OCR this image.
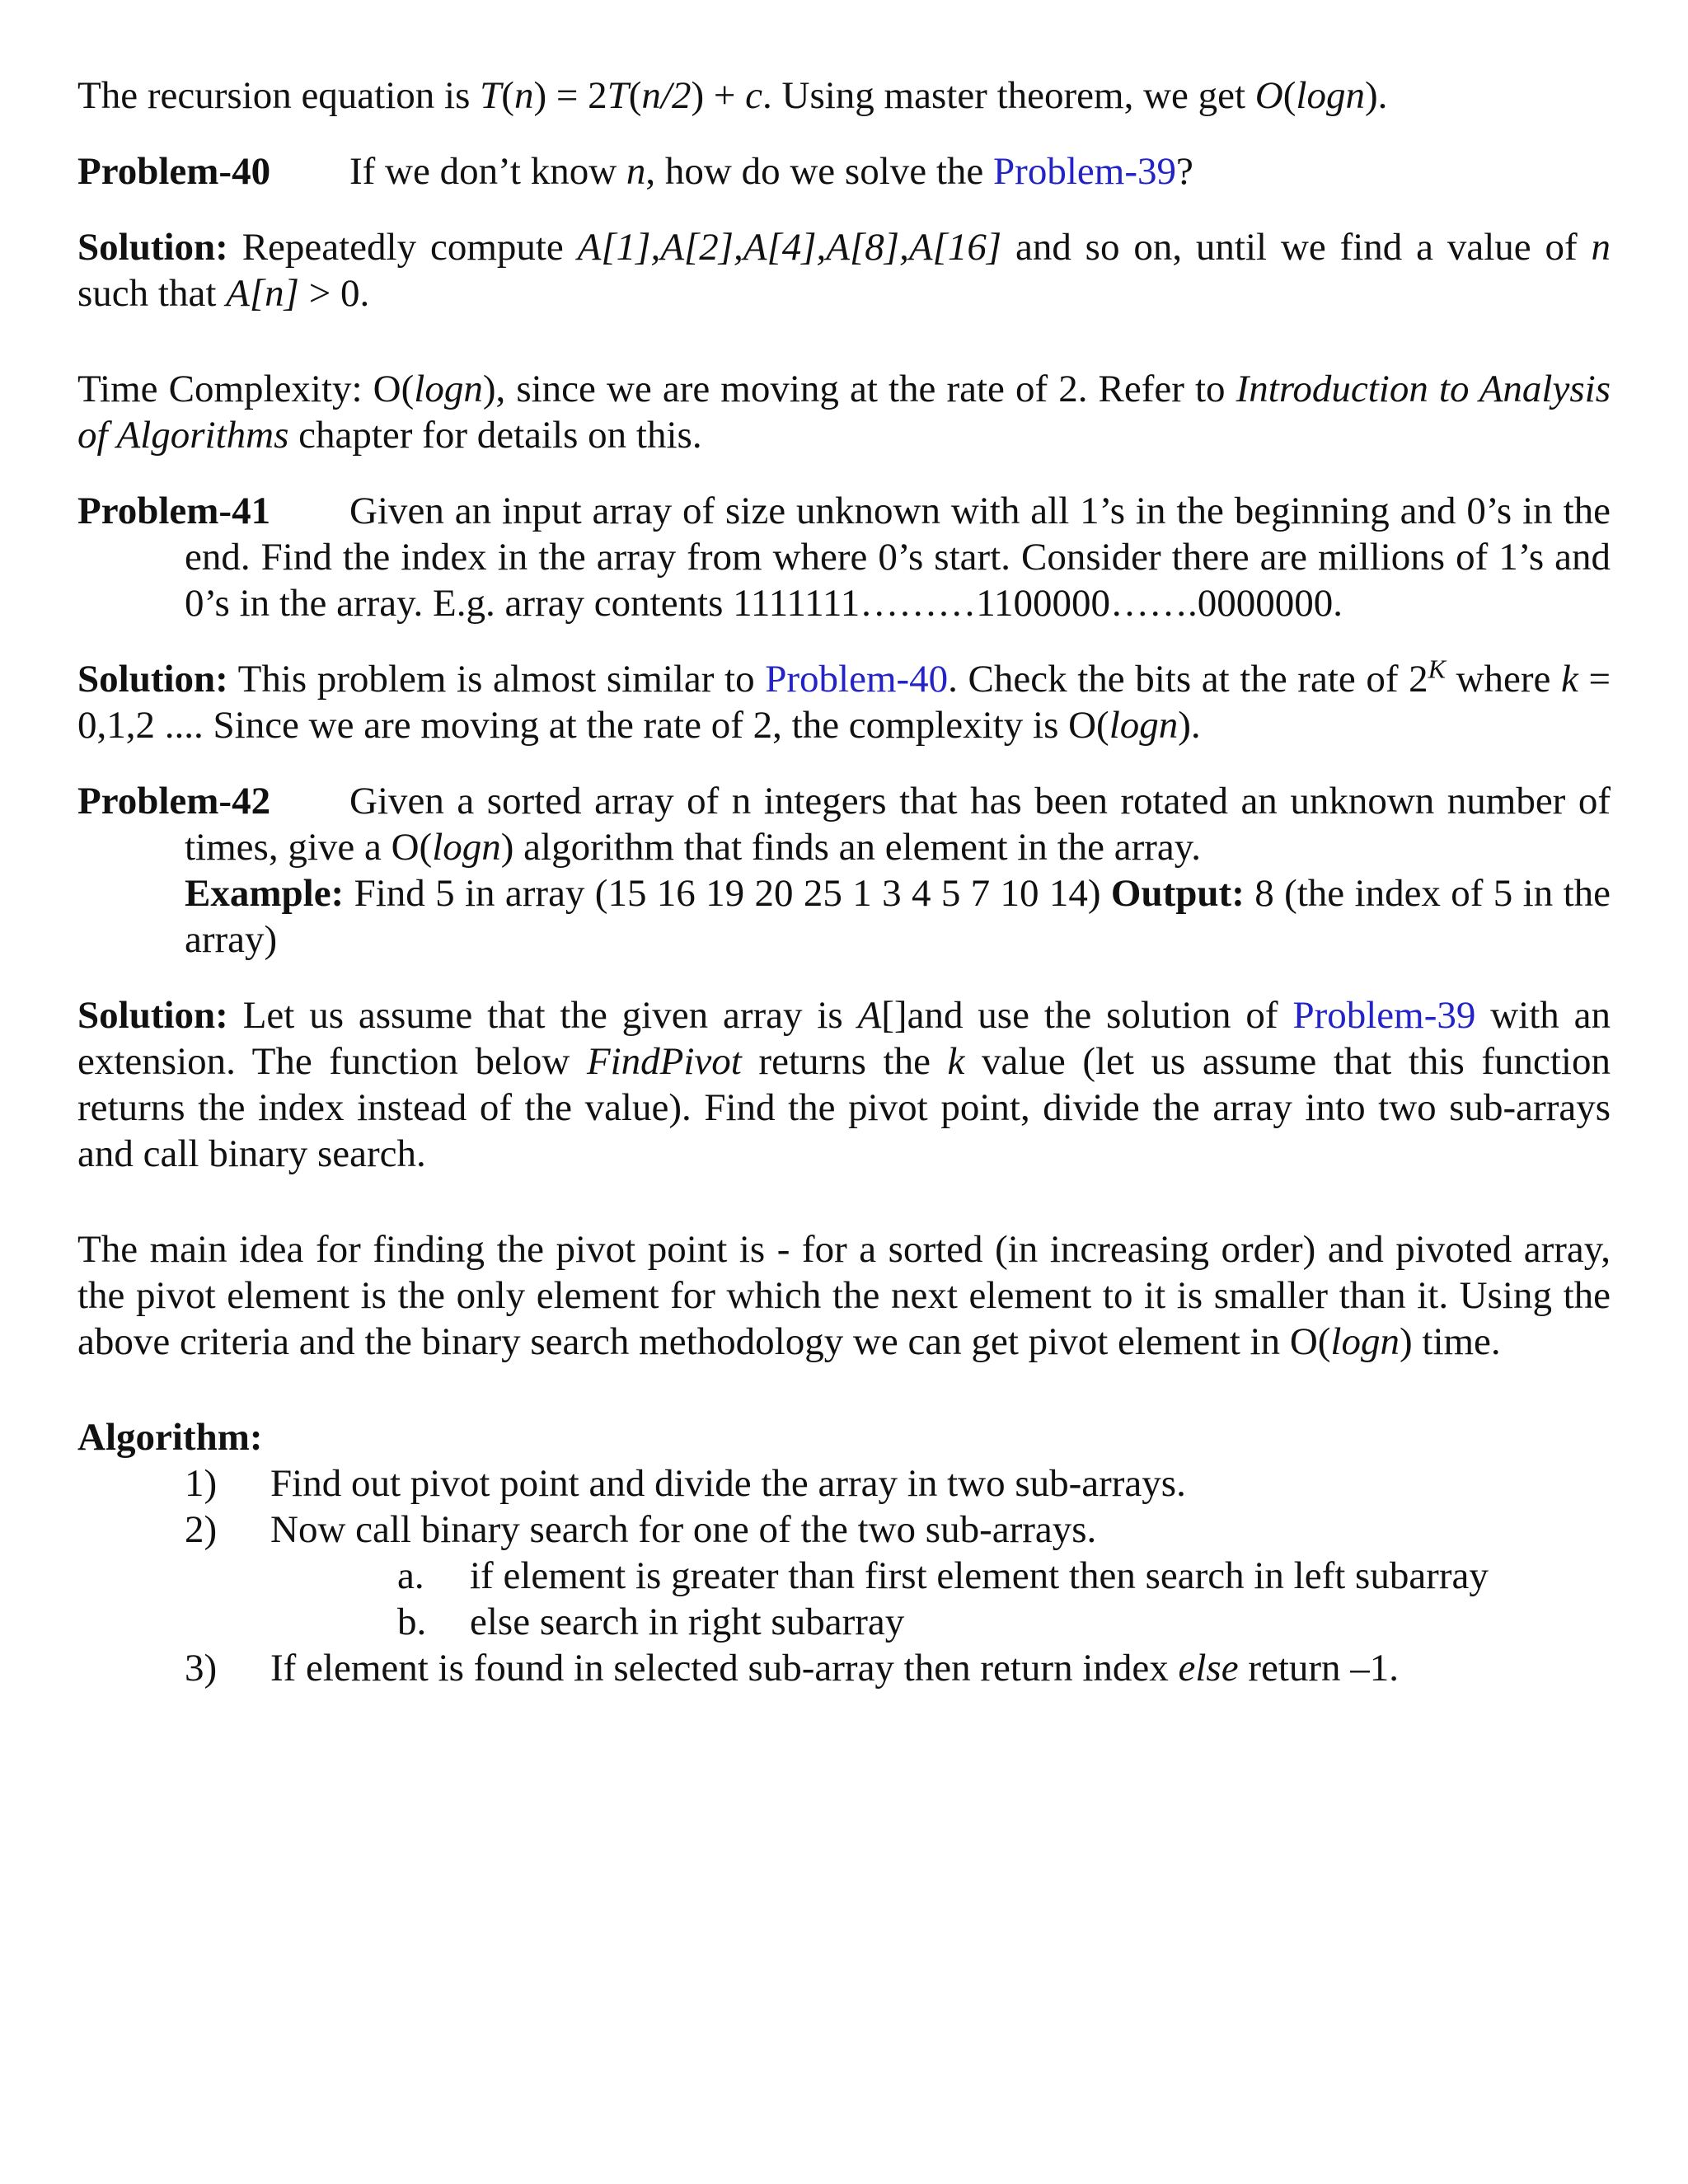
The recursion equation is T(n) = 2T(n/2) + c. Using master theorem, we get O(logn).

Problem-40	If we don’t know n, how do we solve the Problem-39?

Solution: Repeatedly compute A[1],A[2],A[4],A[8],A[16] and so on, until we find a value of n such that A[n] > 0.

Time Complexity: O(logn), since we are moving at the rate of 2. Refer to Introduction to Analysis of Algorithms chapter for details on this.

Problem-41 Given an input array of size unknown with all 1’s in the beginning and 0’s in the end. Find the index in the array from where 0’s start. Consider there are millions of 1’s and 0’s in the array. E.g. array contents 1111111………1100000…….0000000.

Solution: This problem is almost similar to Problem-40. Check the bits at the rate of $2^K$ where k = 0,1,2 .... Since we are moving at the rate of 2, the complexity is O(logn).

Problem-42 Given a sorted array of n integers that has been rotated an unknown number of times, give a O(logn) algorithm that finds an element in the array.

Example: Find 5 in array (15 16 19 20 25 1 3 4 5 7 10 14) Output: 8 (the index of 5 in the array)

Solution: Let us assume that the given array is A[]and use the solution of Problem-39 with an extension. The function below FindPivot returns the k value (let us assume that this function returns the index instead of the value). Find the pivot point, divide the array into two sub-arrays and call binary search.

The main idea for finding the pivot point is - for a sorted (in increasing order) and pivoted array, the pivot element is the only element for which the next element to it is smaller than it. Using the above criteria and the binary search methodology we can get pivot element in O(logn) time.

Algorithm:
1)	Find out pivot point and divide the array in two sub-arrays.
2)	Now call binary search for one of the two sub-arrays.
a.	if element is greater than first element then search in left subarray
b.	else search in right subarray
3)	If element is found in selected sub-array then return index else return –1.
